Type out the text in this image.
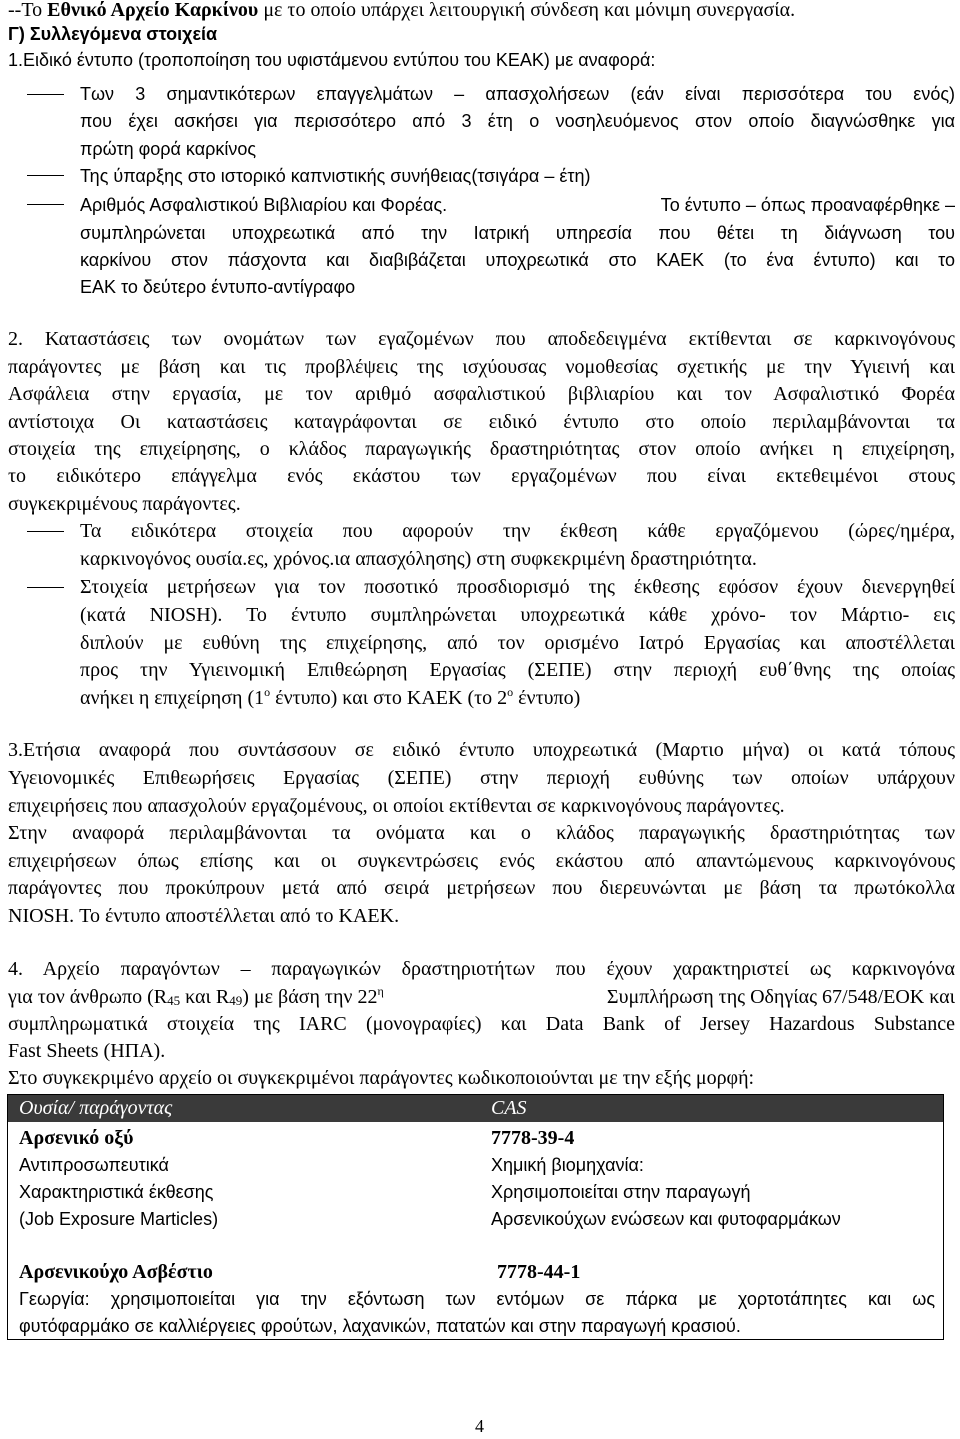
--Το Εθνικό Αρχείο Καρκίνου με το οποίο υπάρχει λειτουργική σύνδεση και μόνιμη συνεργασία.

Γ) Συλλεγόμενα στοιχεία

1.Ειδικό έντυπο (τροποποίηση του υφιστάμενου εντύπου του ΚΕΑΚ) με αναφορά:

Των 3 σημαντικότερων επαγγελμάτων – απασχολήσεων (εάν είναι περισσότερα του ενός)

που έχει ασκήσει για περισσότερο από 3 έτη ο νοσηλευόμενος στον οποίο διαγνώσθηκε για

πρώτη φορά καρκίνος

Της ύπαρξης στο ιστορικό καπνιστικής συνήθειας(τσιγάρα – έτη)

Αριθμός Ασφαλιστικού Βιβλιαρίου και Φορέας.	Το έντυπο – όπως προαναφέρθηκε –

συμπληρώνεται υποχρεωτικά από την Ιατρική υπηρεσία που θέτει τη διάγνωση του

καρκίνου στον πάσχοντα και διαβιβάζεται υποχρεωτικά στο ΚΑΕΚ (το ένα έντυπο) και το

ΕΑΚ το δεύτερο έντυπο-αντίγραφο

2. Καταστάσεις των ονομάτων των εγαζομένων που αποδεδειγμένα εκτίθενται σε καρκινογόνους

παράγοντες με βάση και τις προβλέψεις της ισχύουσας νομοθεσίας σχετικής με την Υγιεινή και

Ασφάλεια στην εργασία, με τον αριθμό ασφαλιστικού βιβλιαρίου και τον Ασφαλιστικό Φορέα

αντίστοιχα Οι καταστάσεις καταγράφονται σε ειδικό έντυπο στο οποίο περιλαμβάνονται τα

στοιχεία της επιχείρησης, ο κλάδος παραγωγικής δραστηριότητας στον οποίο ανήκει η επιχείρηση,

το ειδικότερο επάγγελμα ενός εκάστου των εργαζομένων που είναι εκτεθειμένοι στους

συγκεκριμένους παράγοντες.

Τα ειδικότερα στοιχεία που αφορούν την έκθεση κάθε εργαζόμενου (ώρες/ημέρα,

καρκινογόνος ουσία.ες, χρόνος.ια απασχόλησης) στη συφκεκριμένη δραστηριότητα.

Στοιχεία μετρήσεων για τον ποσοτικό προσδιορισμό της έκθεσης εφόσον έχουν διενεργηθεί

(κατά NIOSH). Το έντυπο συμπληρώνεται υποχρεωτικά κάθε χρόνο- τον Μάρτιο- εις

διπλούν με ευθύνη της επιχείρησης, από τον ορισμένο Ιατρό Εργασίας και αποστέλλεται

προς την Υγιεινομική Επιθεώρηση Εργασίας (ΣΕΠΕ) στην περιοχή ευθ΄θνης της οποίας

ανήκει η επιχείρηση ($1^o$ έντυπο) και στο ΚΑΕΚ (το $2^o$ έντυπο)

3.Ετήσια αναφορά που συντάσσουν σε ειδικό έντυπο υποχρεωτικά (Μαρτιο μήνα) οι κατά τόπους

Υγειονομικές Επιθεωρήσεις Εργασίας (ΣΕΠΕ) στην περιοχή ευθύνης των οποίων υπάρχουν

επιχειρήσεις που απασχολούν εργαζομένους, οι οποίοι εκτίθενται σε καρκινογόνους παράγοντες.

Στην αναφορά περιλαμβάνονται τα ονόματα και ο κλάδος παραγωγικής δραστηριότητας των

επιχειρήσεων όπως επίσης και οι συγκεντρώσεις ενός εκάστου από απαντώμενους καρκινογόνους

παράγοντες που προκύπρουν μετά από σειρά μετρήσεων που διερευνώνται με βάση τα πρωτόκολλα

NIOSH. Το έντυπο αποστέλλεται από το ΚΑΕΚ.

4. Αρχείο παραγόντων – παραγωγικών δραστηριοτήτων που έχουν χαρακτηριστεί ως καρκινογόνα

για τον άνθρωπο ($R_{45}$ και $R_{49}$) με βάση την $22^\eta$	Συμπλήρωση της Οδηγίας 67/548/ΕΟΚ και

συμπληρωματικά στοιχεία της IARC (μονογραφίες) και Data Bank of Jersey Hazardous Substance

Fast Sheets (ΗΠΑ).

Στο συγκεκριμένο αρχείο οι συγκεκριμένοι παράγοντες κωδικοποιούνται με την εξής μορφή:

Ουσία/ παράγοντας	CAS
Αρσενικό οξύ	7778-39-4
Αντιπροσωπευτικά	Χημική βιομηχανία:
Χαρακτηριστικά έκθεσης	Χρησιμοποιείται στην παραγωγή
(Job Exposure Marticles)	Αρσενικούχων ενώσεων και φυτοφαρμάκων
Αρσενικούχο Ασβέστιο	7778-44-1
Γεωργία: χρησιμοποιείται για την εξόντωση των εντόμων σε πάρκα με χορτοτάπητες και ως
φυτόφαρμάκο σε καλλιέργειες φρούτων, λαχανικών, πατατών και στην παραγωγή κρασιού.
4
